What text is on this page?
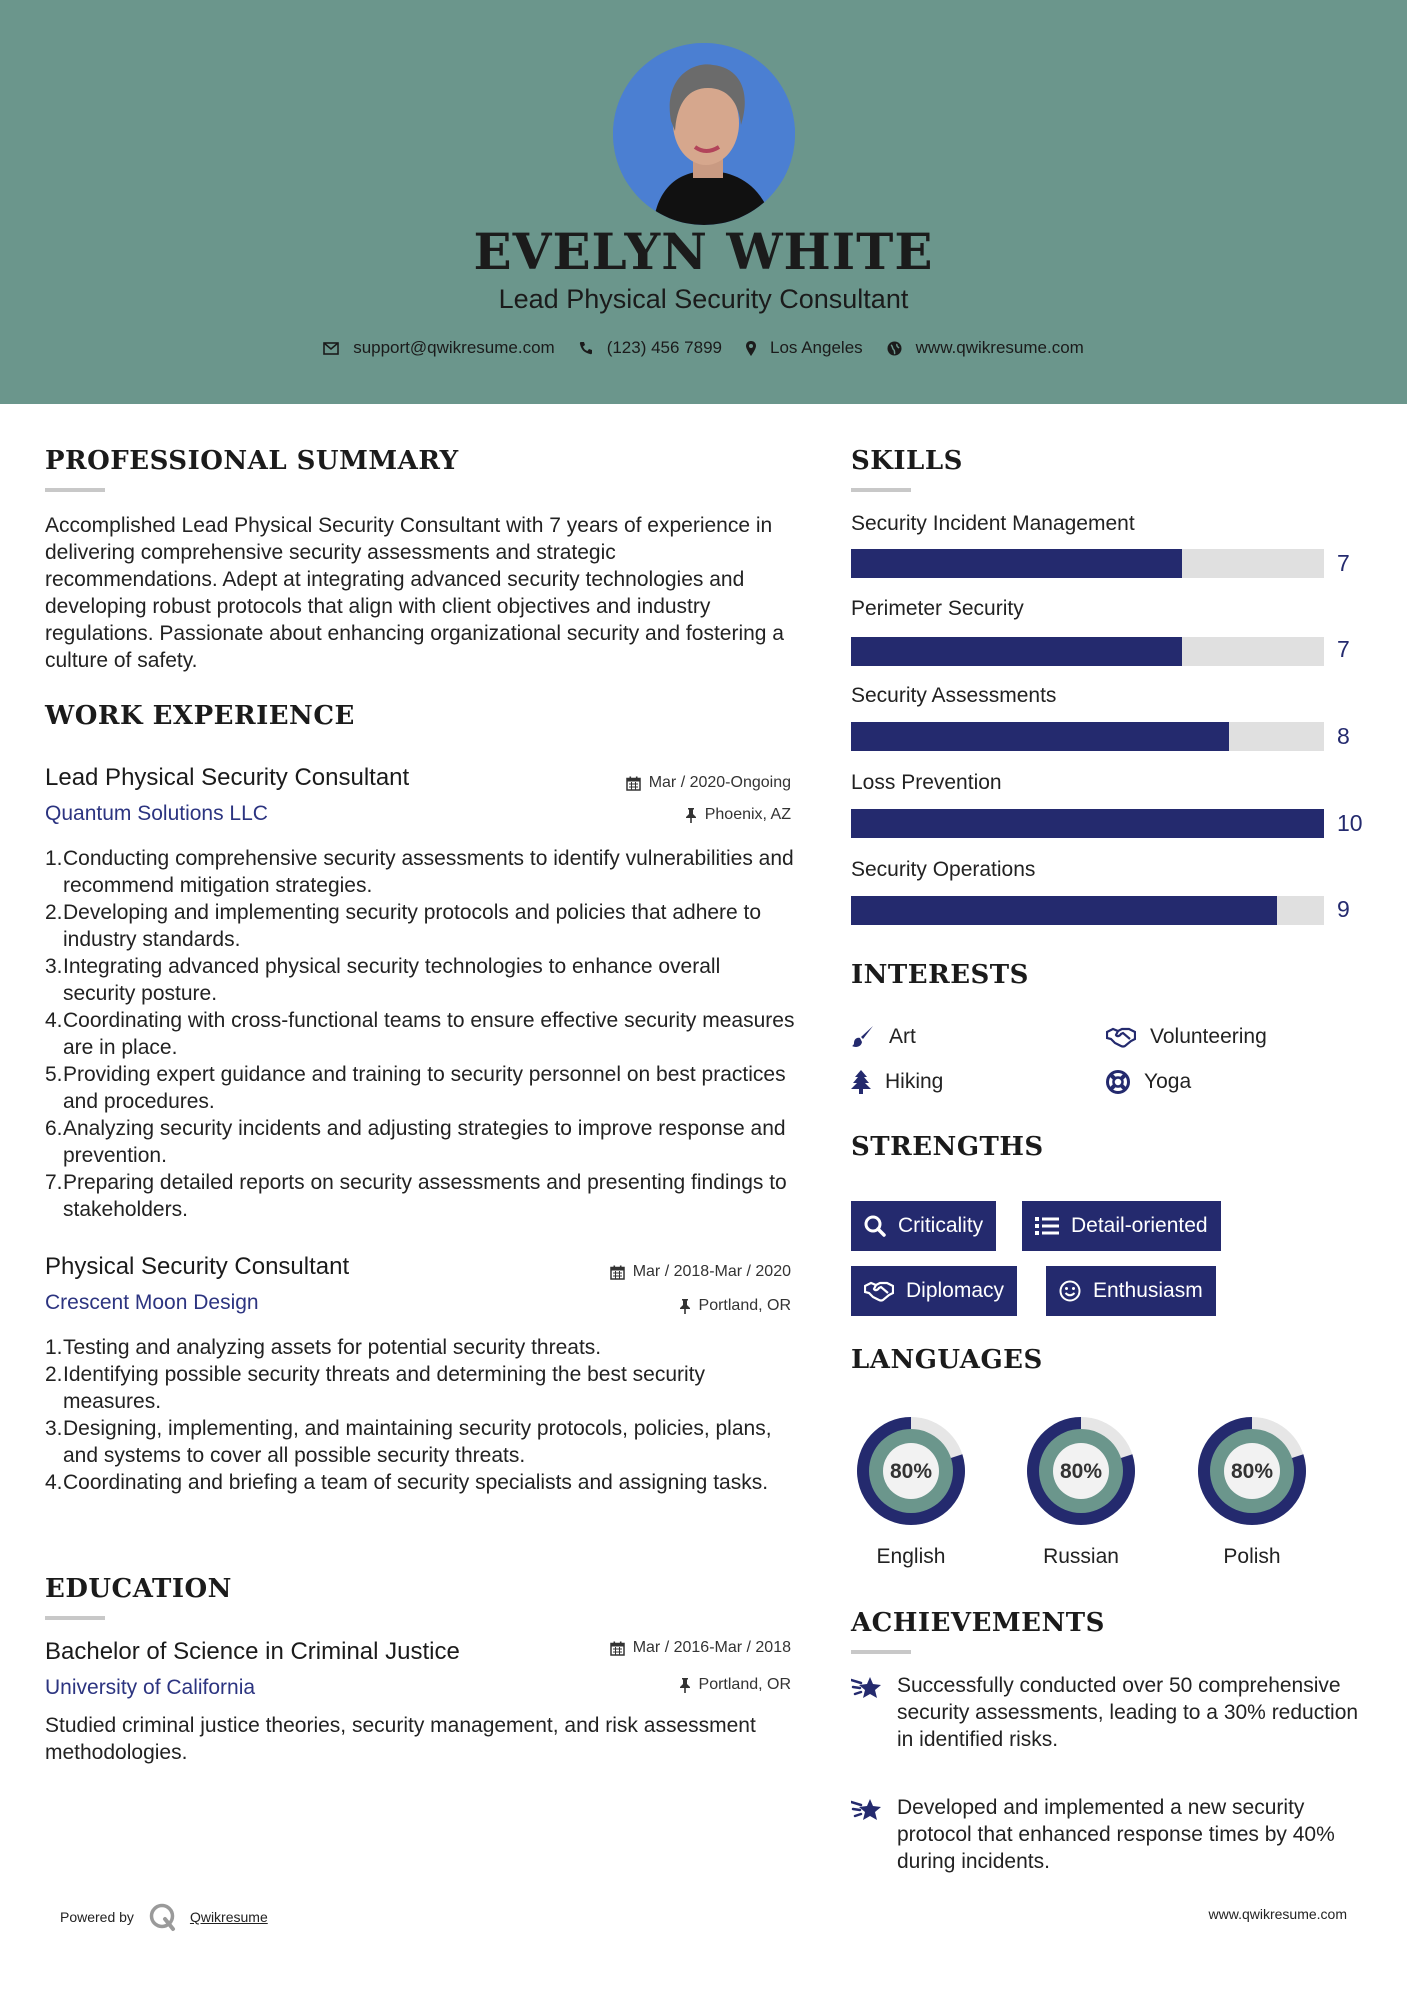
EVELYN WHITE
Lead Physical Security Consultant
support@qwikresume.com	(123) 456 7899	Los Angeles	www.qwikresume.com
PROFESSIONAL SUMMARY
Accomplished Lead Physical Security Consultant with 7 years of experience in delivering comprehensive security assessments and strategic recommendations. Adept at integrating advanced security technologies and developing robust protocols that align with client objectives and industry regulations. Passionate about enhancing organizational security and fostering a culture of safety.
WORK EXPERIENCE
Lead Physical Security Consultant	Mar / 2020-Ongoing
Quantum Solutions LLC	Phoenix, AZ
1. Conducting comprehensive security assessments to identify vulnerabilities and recommend mitigation strategies.
2. Developing and implementing security protocols and policies that adhere to industry standards.
3. Integrating advanced physical security technologies to enhance overall security posture.
4. Coordinating with cross-functional teams to ensure effective security measures are in place.
5. Providing expert guidance and training to security personnel on best practices and procedures.
6. Analyzing security incidents and adjusting strategies to improve response and prevention.
7. Preparing detailed reports on security assessments and presenting findings to stakeholders.
Physical Security Consultant	Mar / 2018-Mar / 2020
Crescent Moon Design	Portland, OR
1. Testing and analyzing assets for potential security threats.
2. Identifying possible security threats and determining the best security measures.
3. Designing, implementing, and maintaining security protocols, policies, plans, and systems to cover all possible security threats.
4. Coordinating and briefing a team of security specialists and assigning tasks.
EDUCATION
Bachelor of Science in Criminal Justice	Mar / 2016-Mar / 2018
University of California	Portland, OR
Studied criminal justice theories, security management, and risk assessment methodologies.
SKILLS
Security Incident Management
7
Perimeter Security
7
Security Assessments
8
Loss Prevention
10
Security Operations
9
INTERESTS
Art	Volunteering
Hiking	Yoga
STRENGTHS
Criticality	Detail-oriented
Diplomacy	Enthusiasm
LANGUAGES
80%
English
80%
Russian
80%
Polish
ACHIEVEMENTS
Successfully conducted over 50 comprehensive security assessments, leading to a 30% reduction in identified risks.
Developed and implemented a new security protocol that enhanced response times by 40% during incidents.
Powered by	Qwikresume	www.qwikresume.com
